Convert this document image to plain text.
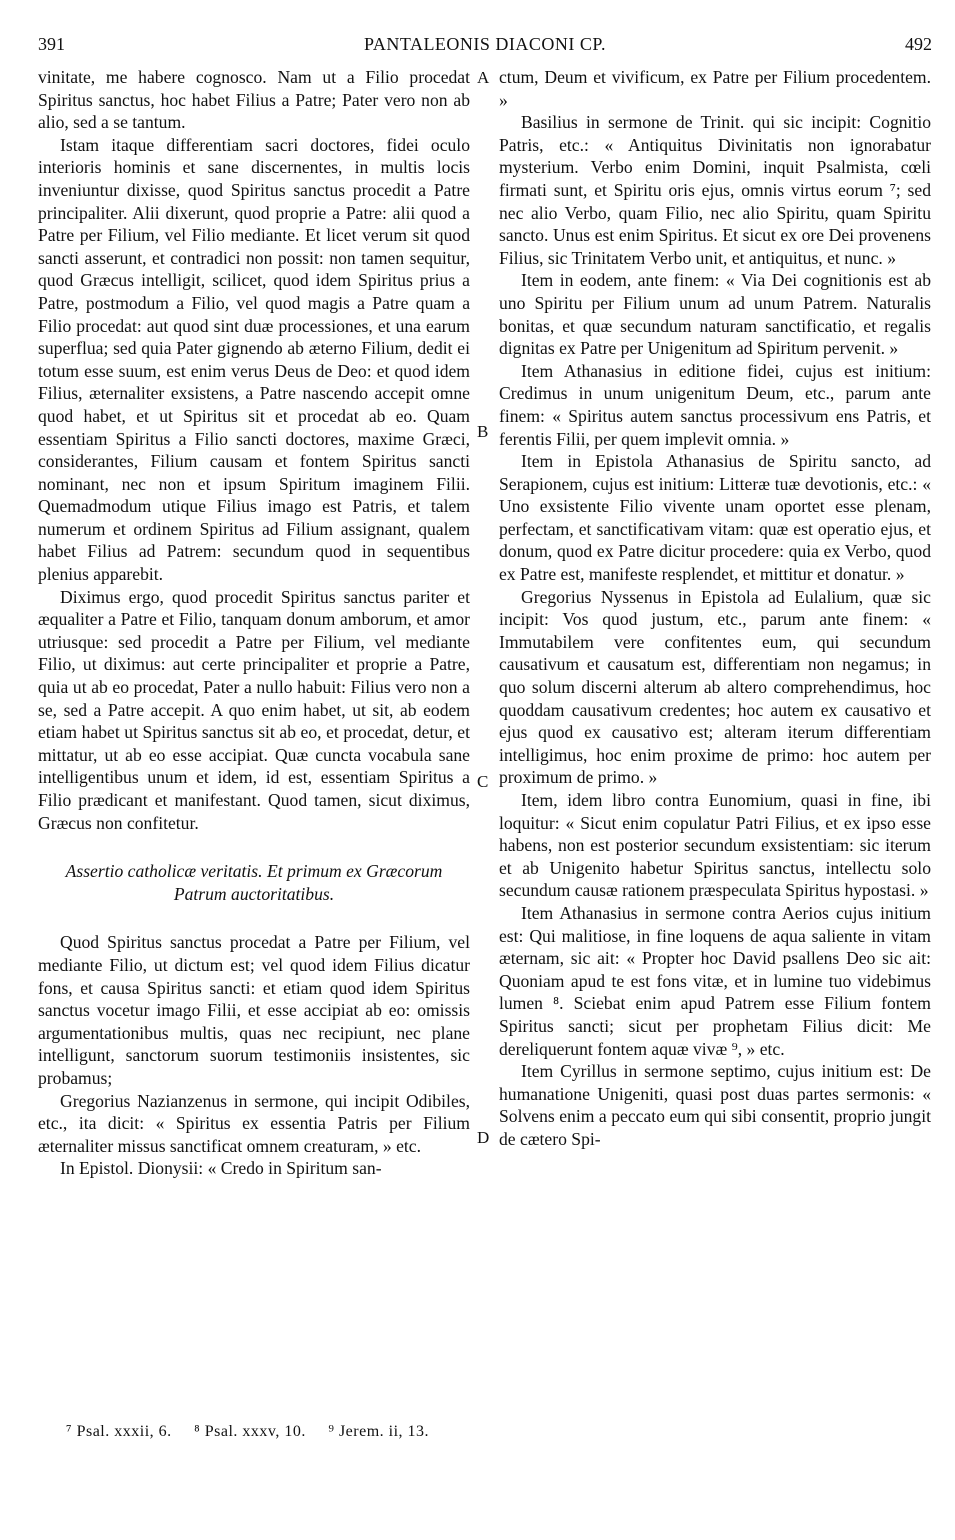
391	PANTALEONIS DIACONI CP.	492
A
B
C
D

vinitate, me habere cognosco. Nam ut a Filio procedat Spiritus sanctus, hoc habet Filius a Patre; Pater vero non ab alio, sed a se tantum.

Istam itaque differentiam sacri doctores, fidei oculo interioris hominis et sane discernentes, in multis locis inveniuntur dixisse, quod Spiritus sanctus procedit a Patre principaliter. Alii dixerunt, quod proprie a Patre: alii quod a Patre per Filium, vel Filio mediante. Et licet verum sit quod sancti asserunt, et contradici non possit: non tamen sequitur, quod Græcus intelligit, scilicet, quod idem Spiritus prius a Patre, postmodum a Filio, vel quod magis a Patre quam a Filio procedat: aut quod sint duæ processiones, et una earum superflua; sed quia Pater gignendo ab æterno Filium, dedit ei totum esse suum, est enim verus Deus de Deo: et quod idem Filius, æternaliter exsistens, a Patre nascendo accepit omne quod habet, et ut Spiritus sit et procedat ab eo. Quam essentiam Spiritus a Filio sancti doctores, maxime Græci, considerantes, Filium causam et fontem Spiritus sancti nominant, nec non et ipsum Spiritum imaginem Filii. Quemadmodum utique Filius imago est Patris, et talem numerum et ordinem Spiritus ad Filium assignant, qualem habet Filius ad Patrem: secundum quod in sequentibus plenius apparebit.

Diximus ergo, quod procedit Spiritus sanctus pariter et æqualiter a Patre et Filio, tanquam donum amborum, et amor utriusque: sed procedit a Patre per Filium, vel mediante Filio, ut diximus: aut certe principaliter et proprie a Patre, quia ut ab eo procedat, Pater a nullo habuit: Filius vero non a se, sed a Patre accepit. A quo enim habet, ut sit, ab eodem etiam habet ut Spiritus sanctus sit ab eo, et procedat, detur, et mittatur, ut ab eo esse accipiat. Quæ cuncta vocabula sane intelligentibus unum et idem, id est, essentiam Spiritus a Filio prædicant et manifestant. Quod tamen, sicut diximus, Græcus non confitetur.

Assertio catholicæ veritatis. Et primum ex Græcorum Patrum auctoritatibus.

Quod Spiritus sanctus procedat a Patre per Filium, vel mediante Filio, ut dictum est; vel quod idem Filius dicatur fons, et causa Spiritus sancti: et etiam quod idem Spiritus sanctus vocetur imago Filii, et esse accipiat ab eo: omissis argumentationibus multis, quas nec recipiunt, nec plane intelligunt, sanctorum suorum testimoniis insistentes, sic probamus;

Gregorius Nazianzenus in sermone, qui incipit Odibiles, etc., ita dicit: « Spiritus ex essentia Patris per Filium æternaliter missus sanctificat omnem creaturam, » etc.

In Epistol. Dionysii: « Credo in Spiritum san-

ctum, Deum et vivificum, ex Patre per Filium procedentem. »

Basilius in sermone de Trinit. qui sic incipit: Cognitio Patris, etc.: « Antiquitus Divinitatis non ignorabatur mysterium. Verbo enim Domini, inquit Psalmista, cœli firmati sunt, et Spiritu oris ejus, omnis virtus eorum ⁷; sed nec alio Verbo, quam Filio, nec alio Spiritu, quam Spiritu sancto. Unus est enim Spiritus. Et sicut ex ore Dei provenens Filius, sic Trinitatem Verbo unit, et antiquitus, et nunc. »

Item in eodem, ante finem: « Via Dei cognitionis est ab uno Spiritu per Filium unum ad unum Patrem. Naturalis bonitas, et quæ secundum naturam sanctificatio, et regalis dignitas ex Patre per Unigenitum ad Spiritum pervenit. »

Item Athanasius in editione fidei, cujus est initium: Credimus in unum unigenitum Deum, etc., parum ante finem: « Spiritus autem sanctus processivum ens Patris, et ferentis Filii, per quem implevit omnia. »

Item in Epistola Athanasius de Spiritu sancto, ad Serapionem, cujus est initium: Litteræ tuæ devotionis, etc.: « Uno exsistente Filio vivente unam oportet esse plenam, perfectam, et sanctificativam vitam: quæ est operatio ejus, et donum, quod ex Patre dicitur procedere: quia ex Verbo, quod ex Patre est, manifeste resplendet, et mittitur et donatur. »

Gregorius Nyssenus in Epistola ad Eulalium, quæ sic incipit: Vos quod justum, etc., parum ante finem: « Immutabilem vere confitentes eum, qui secundum causativum et causatum est, differentiam non negamus; in quo solum discerni alterum ab altero comprehendimus, hoc quoddam causativum credentes; hoc autem ex causativo et ejus quod ex causativo est; alteram iterum differentiam intelligimus, hoc enim proxime de primo: hoc autem per proximum de primo. »

Item, idem libro contra Eunomium, quasi in fine, ibi loquitur: « Sicut enim copulatur Patri Filius, et ex ipso esse habens, non est posterior secundum exsistentiam: sic iterum et ab Unigenito habetur Spiritus sanctus, intellectu solo secundum causæ rationem præspeculata Spiritus hypostasi. »

Item Athanasius in sermone contra Aerios cujus initium est: Qui malitiose, in fine loquens de aqua saliente in vitam æternam, sic ait: « Propter hoc David psallens Deo sic ait: Quoniam apud te est fons vitæ, et in lumine tuo videbimus lumen ⁸. Sciebat enim apud Patrem esse Filium fontem Spiritus sancti; sicut per prophetam Filius dicit: Me dereliquerunt fontem aquæ vivæ ⁹, » etc.

Item Cyrillus in sermone septimo, cujus initium est: De humanatione Unigeniti, quasi post duas partes sermonis: « Solvens enim a peccato eum qui sibi consentit, proprio jungit de cætero Spi-

⁷ Psal. xxxii, 6. ⁸ Psal. xxxv, 10. ⁹ Jerem. ii, 13.
